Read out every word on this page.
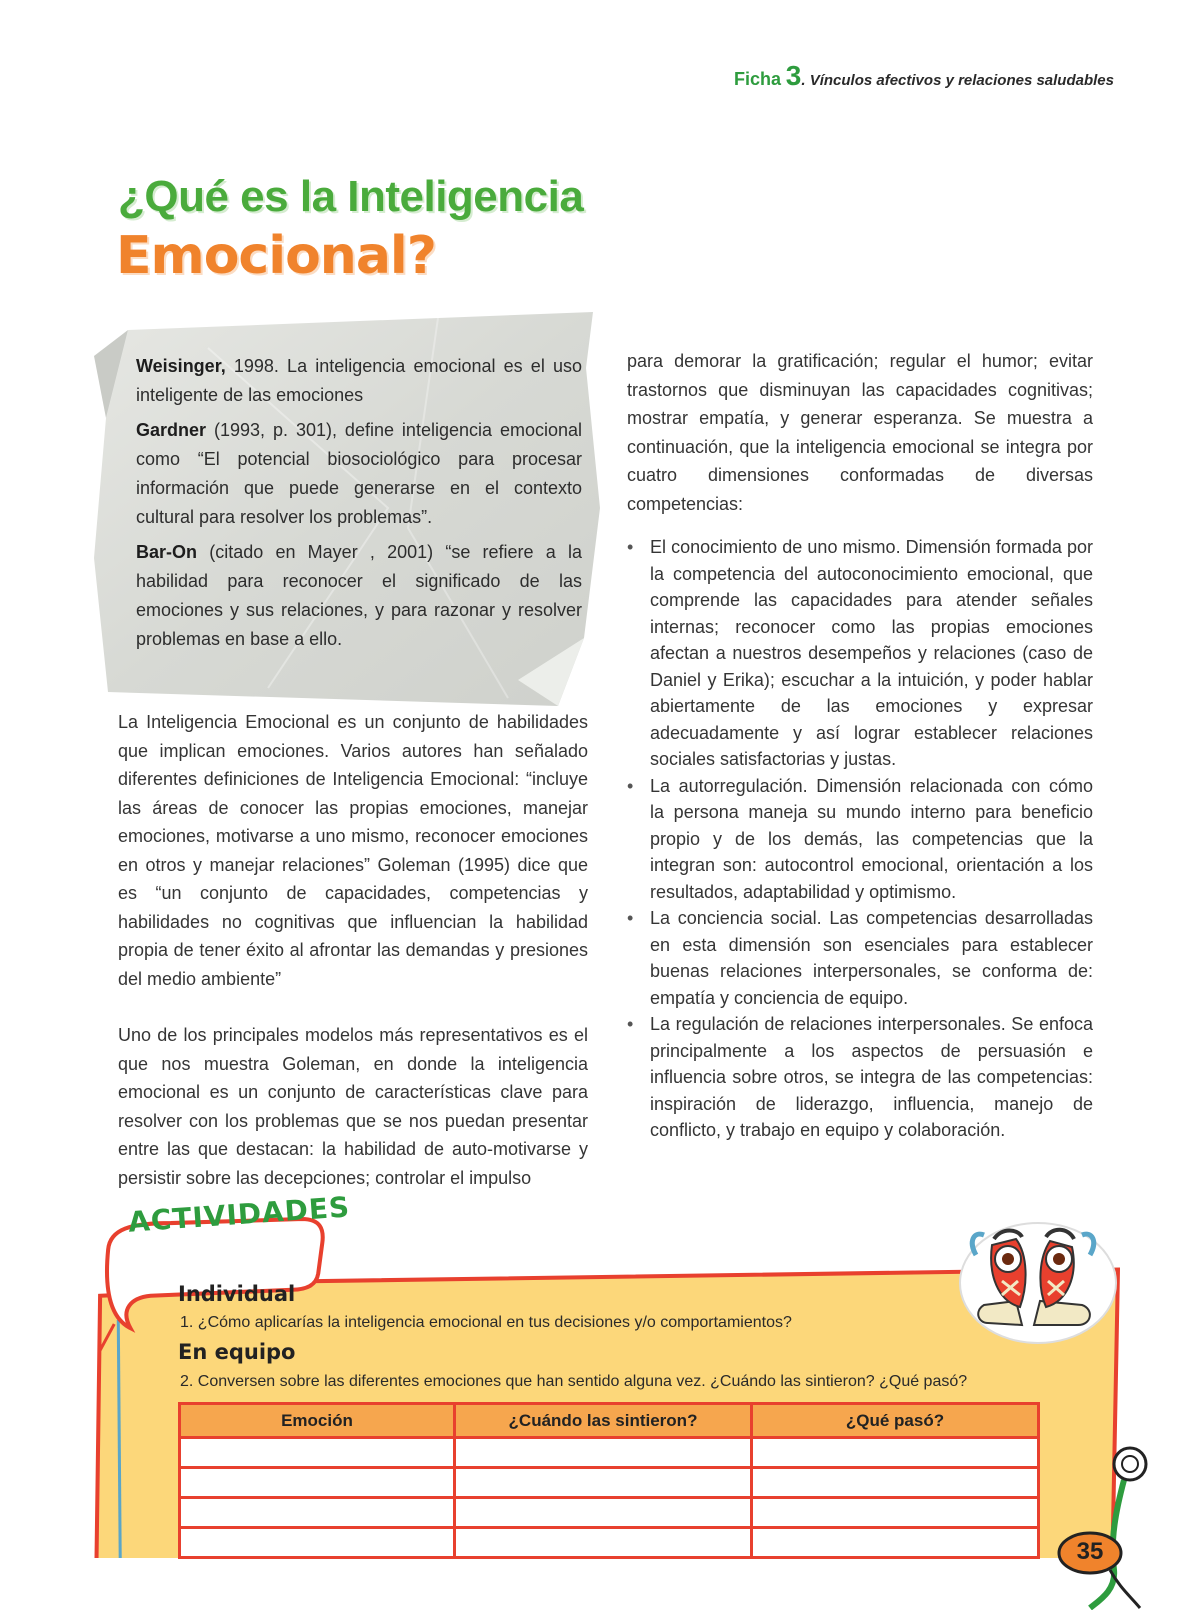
Ficha 3. Vínculos afectivos y relaciones saludables
¿Qué es la Inteligencia
Emocional?

Weisinger, 1998. La inteligencia emocional es el uso inteligente de las emociones

Gardner (1993, p. 301), define inteligencia emocional como “El potencial biosociológico para procesar información que puede generarse en el contexto cultural para resolver los problemas”.

Bar-On (citado en Mayer , 2001) “se refiere a la habilidad para reconocer el significado de las emociones y sus relaciones, y para razonar y resolver problemas en base a ello.

La Inteligencia Emocional es un conjunto de habilidades que implican emociones. Varios autores han señalado diferentes definiciones de Inteligencia Emocional: “incluye las áreas de conocer las propias emociones, manejar emociones, motivarse a uno mismo, reconocer emociones en otros y manejar relaciones” Goleman (1995) dice que es “un conjunto de capacidades, competencias y habilidades no cognitivas que influencian la habilidad propia de tener éxito al afrontar las demandas y presiones del medio ambiente”

Uno de los principales modelos más representativos es el que nos muestra Goleman, en donde la inteligencia emocional es un conjunto de características clave para resolver con los problemas que se nos puedan presentar entre las que destacan: la habilidad de auto-motivarse y persistir sobre las decepciones; controlar el impulso

para demorar la gratificación; regular el humor; evitar trastornos que disminuyan las capacidades cognitivas; mostrar empatía, y generar esperanza. Se muestra a continuación, que la inteligencia emocional se integra por cuatro dimensiones conformadas de diversas competencias:

• El conocimiento de uno mismo. Dimensión formada por la competencia del autoconocimiento emocional, que comprende las capacidades para atender señales internas; reconocer como las propias emociones afectan a nuestros desempeños y relaciones (caso de Daniel y Erika); escuchar a la intuición, y poder hablar abiertamente de las emociones y expresar adecuadamente y así lograr establecer relaciones sociales satisfactorias y justas.
• La autorregulación. Dimensión relacionada con cómo la persona maneja su mundo interno para beneficio propio y de los demás, las competencias que la integran son: autocontrol emocional, orientación a los resultados, adaptabilidad y optimismo.
• La conciencia social. Las competencias desarrolladas en esta dimensión son esenciales para establecer buenas relaciones interpersonales, se conforma de: empatía y conciencia de equipo.
• La regulación de relaciones interpersonales. Se enfoca principalmente a los aspectos de persuasión e influencia sobre otros, se integra de las competencias: inspiración de liderazgo, influencia, manejo de conflicto, y trabajo en equipo y colaboración.
ACTIVIDADES
Individual
1. ¿Cómo aplicarías la inteligencia emocional en tus decisiones y/o comportamientos?
En equipo
2. Conversen sobre las diferentes emociones que han sentido alguna vez. ¿Cuándo las sintieron? ¿Qué pasó?
Emoción	¿Cuándo las sintieron?	¿Qué pasó?

35
